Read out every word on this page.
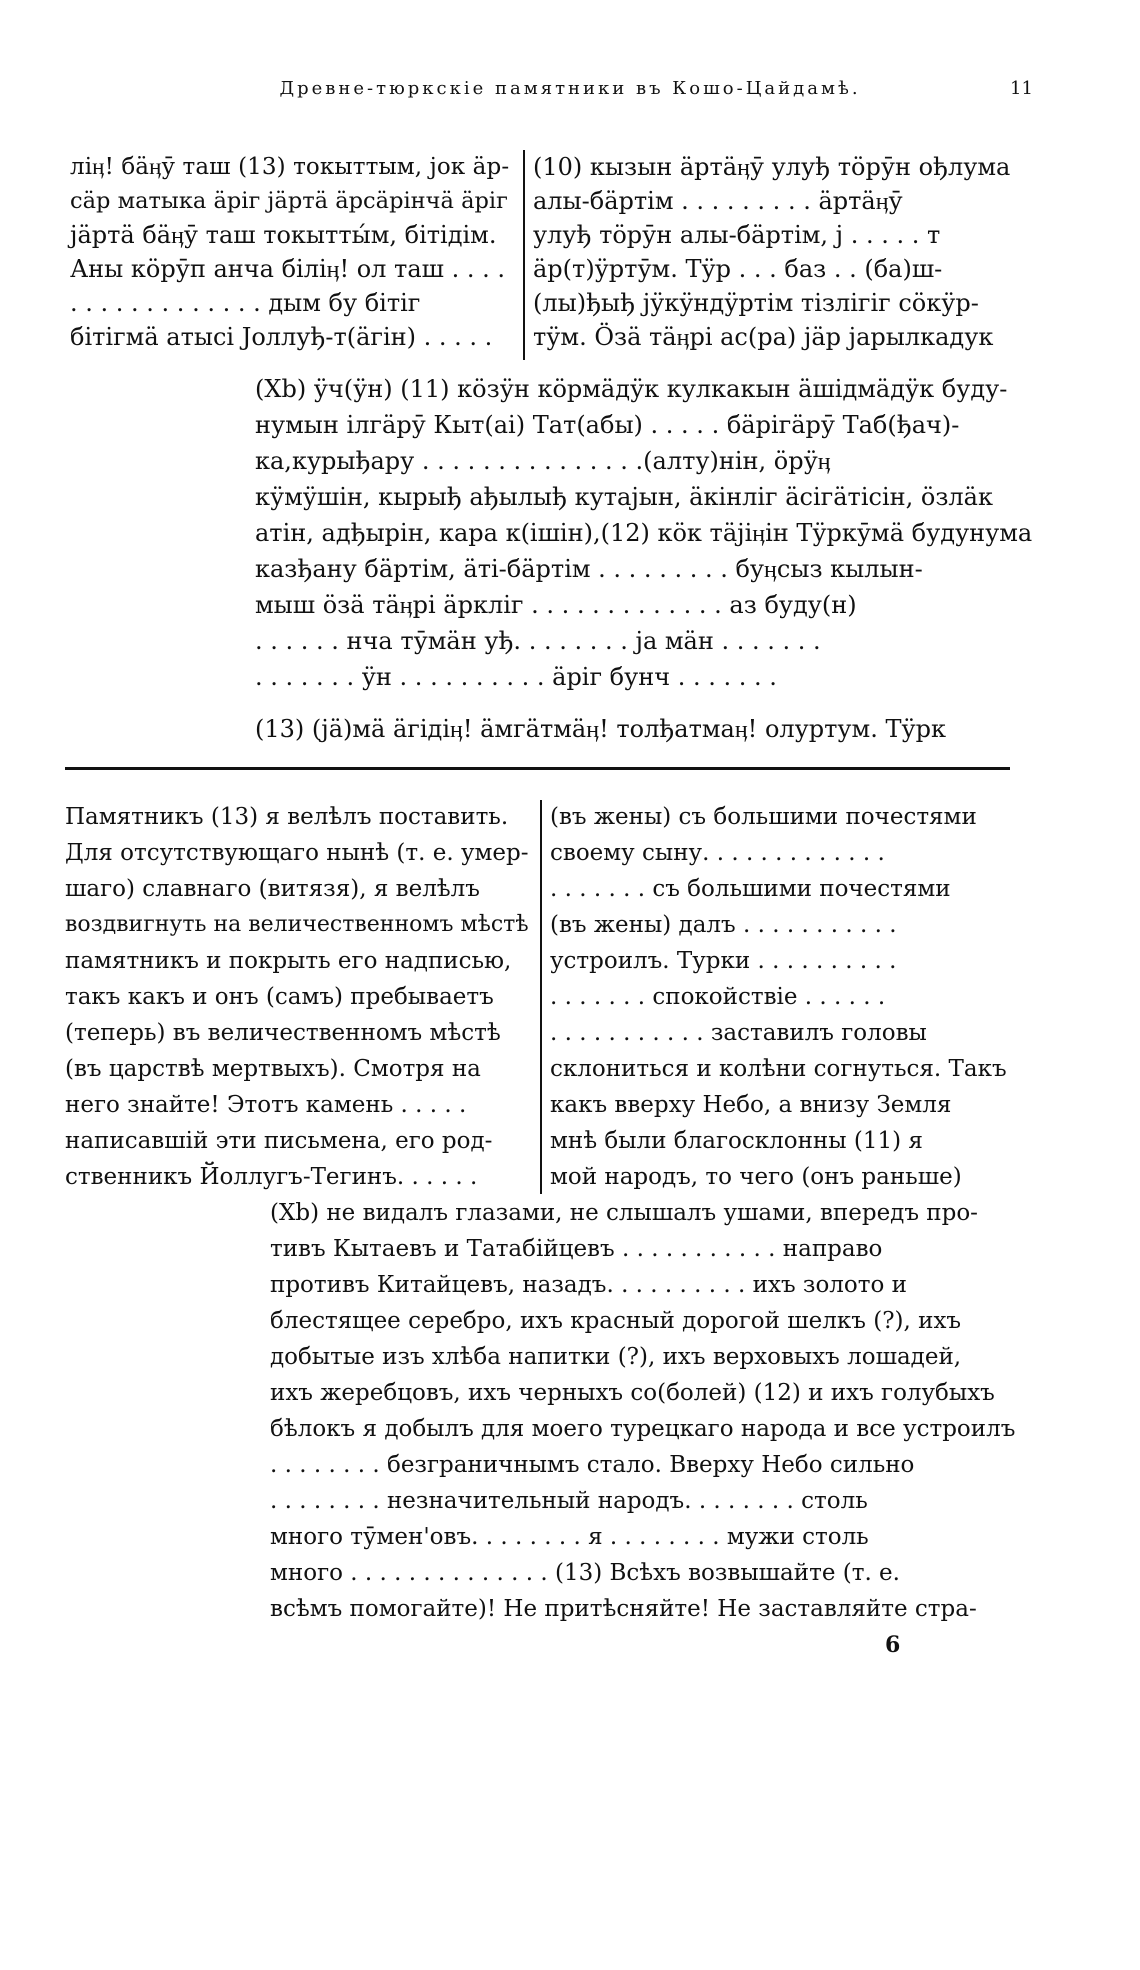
Древне-тюркскіе памятники въ Кошо-Цайдамѣ.	11
ліӊ! бӓӊӯ таш (13) токыттым, јок ӓр-
сӓр матыка ӓріг јӓртӓ ӓрсӓрінчӓ ӓріг
јӓртӓ бӓӊӯ таш токытты́м, бітідім.
Аны кӧрӯп анча біліӊ! ол таш . . . .
. . . . . . . . . . . . . дым бу бітіг
бітігмӓ атысі Јоллуђ-т(ӓгін) . . . . .
(10) кызын ӓртӓӊӯ улуђ тӧрӯн ођлума
алы-бӓртім . . . . . . . . . ӓртӓӊӯ
улуђ тӧрӯн алы-бӓртім, ј . . . . . т
ӓр(т)ӱртӯм. Тӱр . . . баз . . (ба)ш-
(лы)ђыђ јӱкӱндӱртім тізлігіг сӧкӱр-
тӱм. Ӧзӓ тӓӊрі ас(ра) јӓр јарылкадук
(Xb) ӱч(ӱн) (11) кӧзӱн кӧрмӓдӱк кулкакын ӓшідмӓдӱк буду-
нумын ілгӓрӯ Кыт(аі) Тат(абы) . . . . . бӓрігӓрӯ Таб(ђач)-
ка,курыђару . . . . . . . . . . . . . . .(алту)нін, ӧрӱӊ
кӱмӱшін, кырыђ ађылыђ кутајын, ӓкінліг ӓсігӓтісін, ӧзлӓк
атін, адђырін, кара к(ішін),(12) кӧк тӓјіӊін Тӱркӯмӓ будунума
казђану бӓртім, ӓті-бӓртім . . . . . . . . . буӊсыз кылын-
мыш ӧзӓ тӓӊрі ӓркліг . . . . . . . . . . . . . аз буду(н)
. . . . . . нча тӯмӓн уђ. . . . . . . . ја мӓн . . . . . . .
. . . . . . . ӱн . . . . . . . . . . ӓріг бунч . . . . . . .
(13) (јӓ)мӓ ӓгідіӊ! ӓмгӓтмӓӊ! толђатмаӊ! олуртум. Тӱрк
Памятникъ (13) я велѣлъ поставить.
Для отсутствующаго нынѣ (т. е. умер-
шаго) славнаго (витязя), я велѣлъ
воздвигнуть на величественномъ мѣстѣ
памятникъ и покрыть его надписью,
такъ какъ и онъ (самъ) пребываетъ
(теперь) въ величественномъ мѣстѣ
(въ царствѣ мертвыхъ). Смотря на
него знайте! Этотъ камень . . . . .
написавшій эти письмена, его род-
ственникъ Йоллугъ-Тегинъ. . . . . .
(въ жены) съ большими почестями
своему сыну. . . . . . . . . . . . .
. . . . . . . съ большими почестями
(въ жены) далъ . . . . . . . . . . .
устроилъ. Турки . . . . . . . . . .
. . . . . . . спокойствіе . . . . . .
. . . . . . . . . . . заставилъ головы
склониться и колѣни согнуться. Такъ
какъ вверху Небо, а внизу Земля
мнѣ были благосклонны (11) я
мой народъ, то чего (онъ раньше)
(Xb) не видалъ глазами, не слышалъ ушами, впередъ про-
тивъ Кытаевъ и Татабійцевъ . . . . . . . . . . . направо
противъ Китайцевъ, назадъ. . . . . . . . . . ихъ золото и
блестящее серебро, ихъ красный дорогой шелкъ (?), ихъ
добытые изъ хлѣба напитки (?), ихъ верховыхъ лошадей,
ихъ жеребцовъ, ихъ черныхъ со(болей) (12) и ихъ голубыхъ
бѣлокъ я добылъ для моего турецкаго народа и все устроилъ
. . . . . . . . безграничнымъ стало. Вверху Небо сильно
. . . . . . . . незначительный народъ. . . . . . . . столь
много тӯмен'овъ. . . . . . . . я . . . . . . . . мужи столь
много . . . . . . . . . . . . . . (13) Всѣхъ возвышайте (т. е.
всѣмъ помогайте)! Не притѣсняйте! Не заставляйте стра-
6
